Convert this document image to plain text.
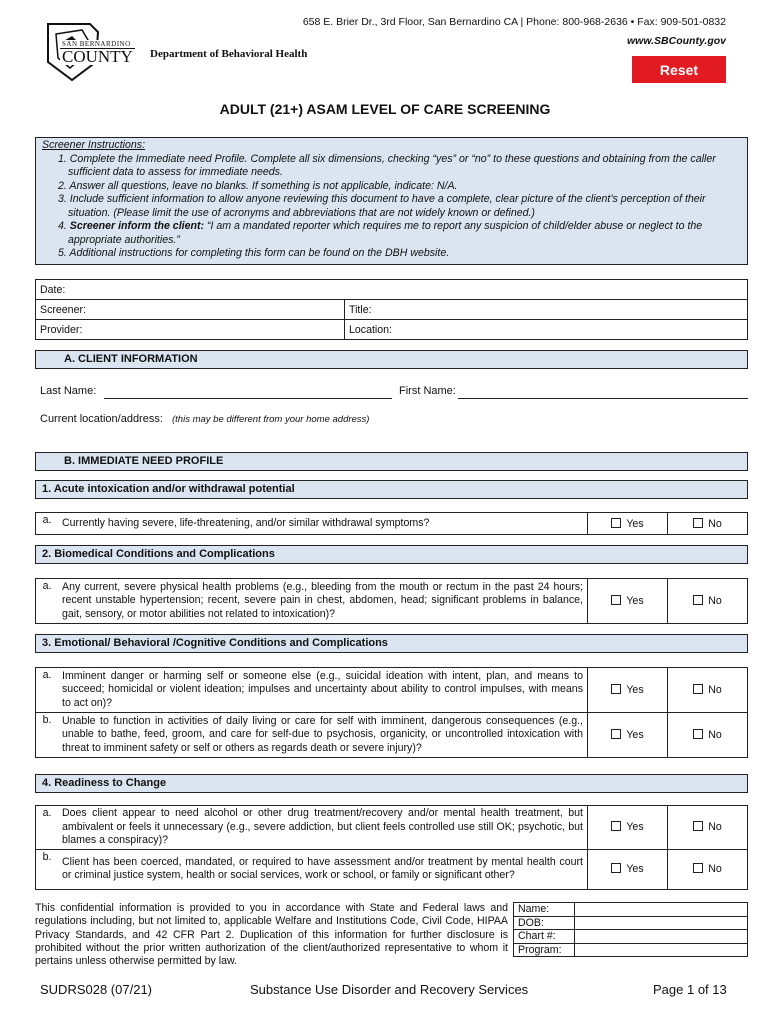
SAN BERNARDINO
COUNTY
658 E. Brier Dr., 3rd Floor, San Bernardino CA | Phone: 800-968-2636 • Fax: 909-501-0832
www.SBCounty.gov
Department of Behavioral Health
Reset
ADULT (21+) ASAM LEVEL OF CARE SCREENING
Screener Instructions:
1. Complete the Immediate need Profile. Complete all six dimensions, checking “yes” or “no” to these questions and obtaining from the caller sufficient data to assess for immediate needs.
2. Answer all questions, leave no blanks. If something is not applicable, indicate: N/A.
3. Include sufficient information to allow anyone reviewing this document to have a complete, clear picture of the client’s perception of their situation. (Please limit the use of acronyms and abbreviations that are not widely known or defined.)
4. Screener inform the client: “I am a mandated reporter which requires me to report any suspicion of child/elder abuse or neglect to the appropriate authorities.”
5. Additional instructions for completing this form can be found on the DBH website.
Date:	
Screener:	Title:
Provider:	Location:
A. CLIENT INFORMATION
Last Name:	First Name:
Current location/address: (this may be different from your home address)
B. IMMEDIATE NEED PROFILE
1. Acute intoxication and/or withdrawal potential
a.	Currently having severe, life-threatening, and/or similar withdrawal symptoms?	Yes	No
2. Biomedical Conditions and Complications
a.	Any current, severe physical health problems (e.g., bleeding from the mouth or rectum in the past 24 hours; recent unstable hypertension; recent, severe pain in chest, abdomen, head; significant problems in balance, gait, sensory, or motor abilities not related to intoxication)?	Yes	No
3. Emotional/ Behavioral /Cognitive Conditions and Complications
a.	Imminent danger or harming self or someone else (e.g., suicidal ideation with intent, plan, and means to succeed; homicidal or violent ideation; impulses and uncertainty about ability to control impulses, with means to act on)?	Yes	No
b.	Unable to function in activities of daily living or care for self with imminent, dangerous consequences (e.g., unable to bathe, feed, groom, and care for self-due to psychosis, organicity, or uncontrolled intoxication with threat to imminent safety or self or others as regards death or severe injury)?	Yes	No
4. Readiness to Change
a.	Does client appear to need alcohol or other drug treatment/recovery and/or mental health treatment, but ambivalent or feels it unnecessary (e.g., severe addiction, but client feels controlled use still OK; psychotic, but blames a conspiracy)?	Yes	No
b.	Client has been coerced, mandated, or required to have assessment and/or treatment by mental health court or criminal justice system, health or social services, work or school, or family or significant other?	Yes	No
This confidential information is provided to you in accordance with State and Federal laws and regulations including, but not limited to, applicable Welfare and Institutions Code, Civil Code, HIPAA Privacy Standards, and 42 CFR Part 2. Duplication of this information for further disclosure is prohibited without the prior written authorization of the client/authorized representative to whom it pertains unless otherwise permitted by law.
Name:	
DOB:	
Chart #:	
Program:	
SUDRS028 (07/21)	Substance Use Disorder and Recovery Services	Page 1 of 13
